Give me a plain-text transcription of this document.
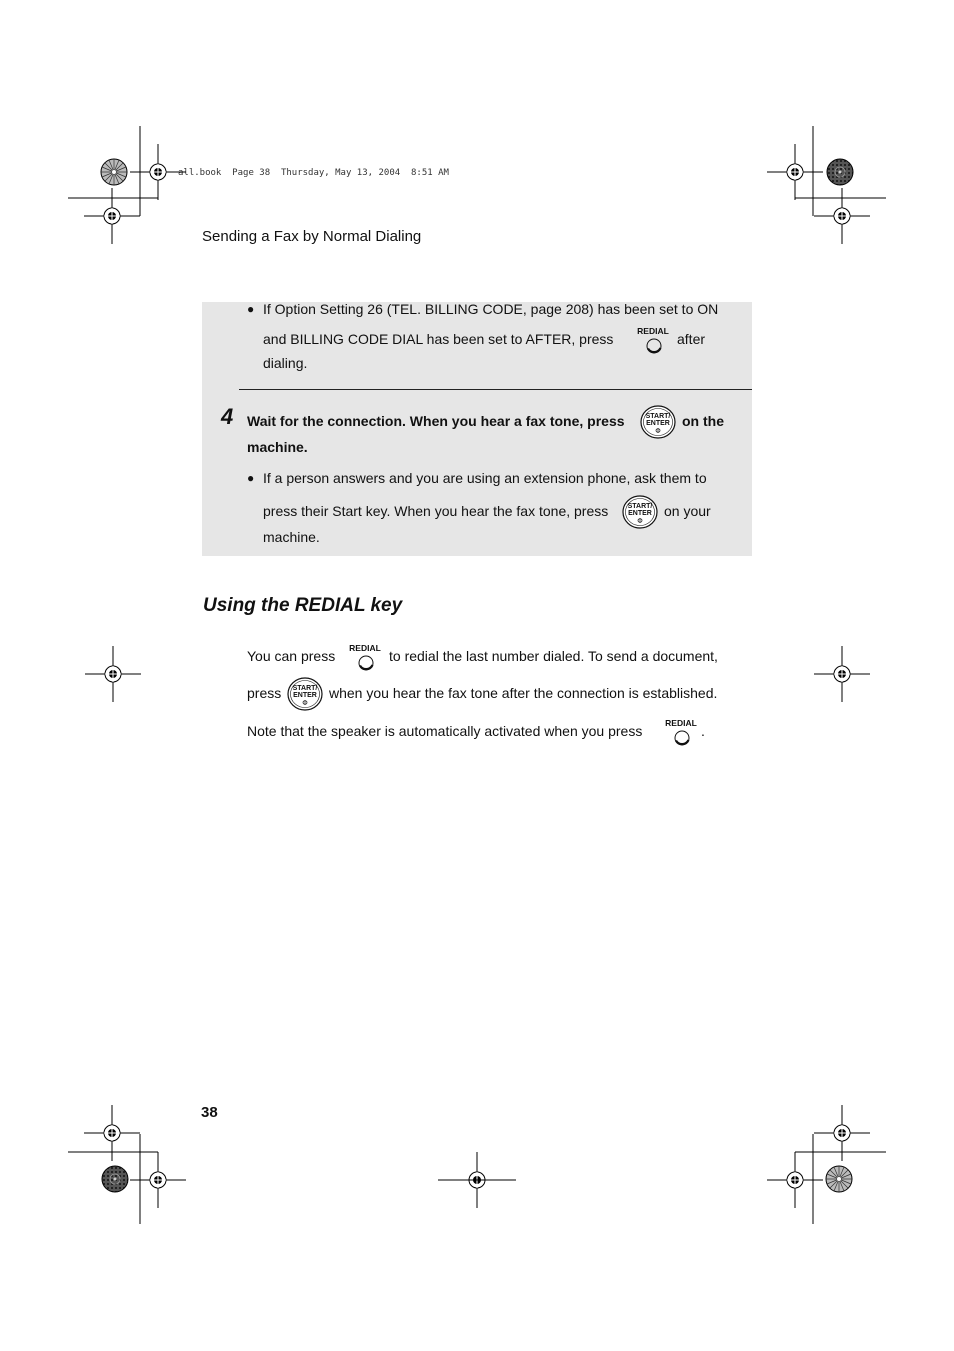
all.book  Page 38  Thursday, May 13, 2004  8:51 AM
Sending a Fax by Normal Dialing
● If Option Setting 26 (TEL. BILLING CODE, page 208) has been set to ON
and BILLING CODE DIAL has been set to AFTER, press	REDIAL after
dialing.
4 Wait for the connection. When you hear a fax tone, press	START/
ENTER
Φ
on the
machine.
● If a person answers and you are using an extension phone, ask them to
press their Start key. When you hear the fax tone, press	START/
ENTER
Φ
on your
machine.
Using the REDIAL key
You can press REDIAL to redial the last number dialed. To send a document,
press START/
ENTER
Φ
when you hear the fax tone after the connection is established.
Note that the speaker is automatically activated when you press	REDIAL .
38
